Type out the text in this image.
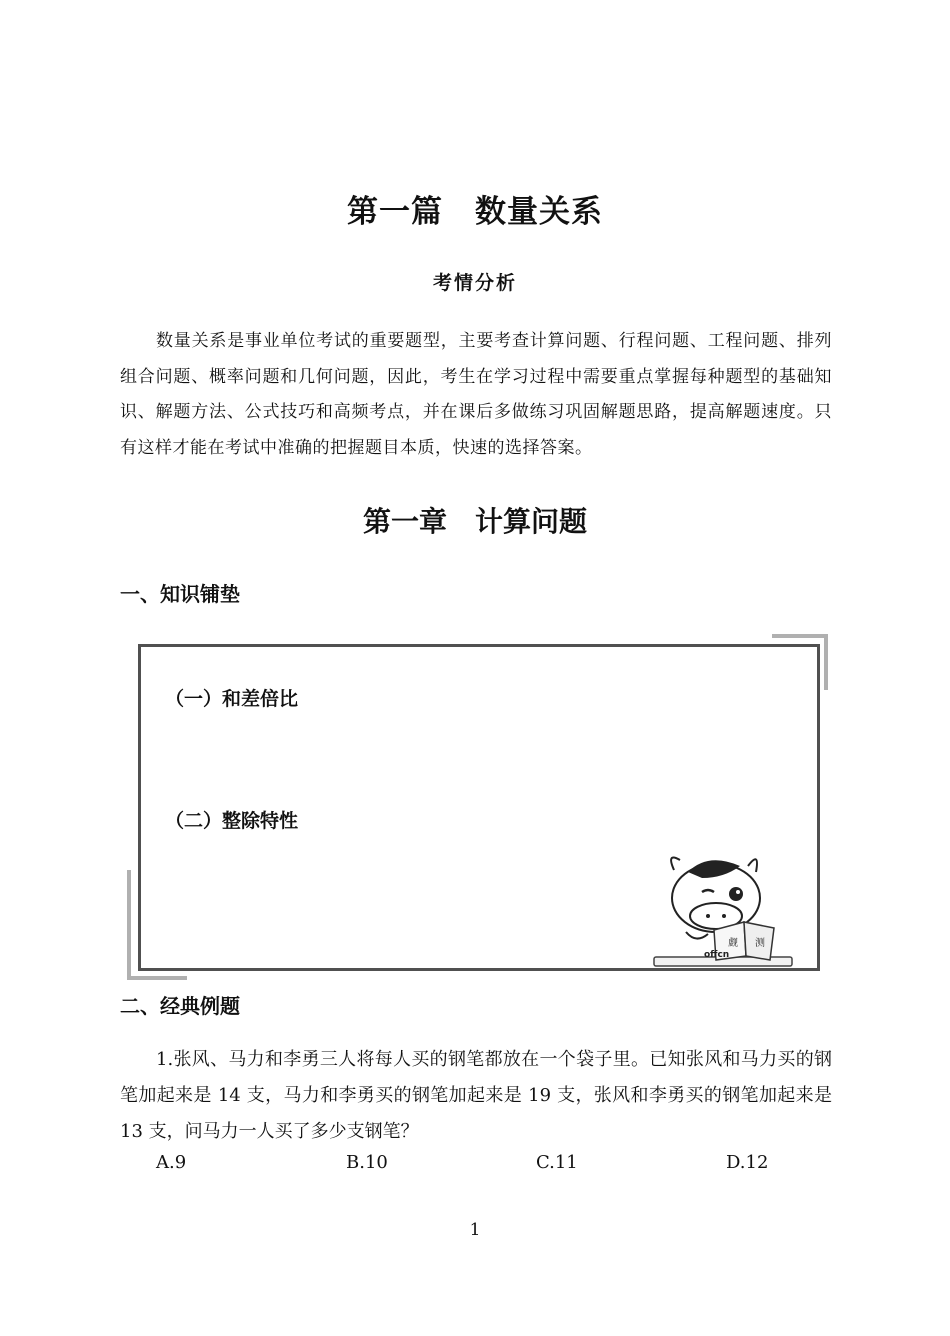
第一篇　数量关系
考情分析
数量关系是事业单位考试的重要题型，主要考查计算问题、行程问题、工程问题、排列组合问题、概率问题和几何问题，因此，考生在学习过程中需要重点掌握每种题型的基础知识、解题方法、公式技巧和高频考点，并在课后多做练习巩固解题思路，提高解题速度。只有这样才能在考试中准确的把握题目本质，快速的选择答案。
第一章　计算问题
一、知识铺垫
（一）和差倍比
（二）整除特性
觑 测
offcn
二、经典例题
1.张风、马力和李勇三人将每人买的钢笔都放在一个袋子里。已知张风和马力买的钢笔加起来是 14 支，马力和李勇买的钢笔加起来是 19 支，张风和李勇买的钢笔加起来是 13 支，问马力一人买了多少支钢笔？
A.9	B.10	C.11	D.12
1
